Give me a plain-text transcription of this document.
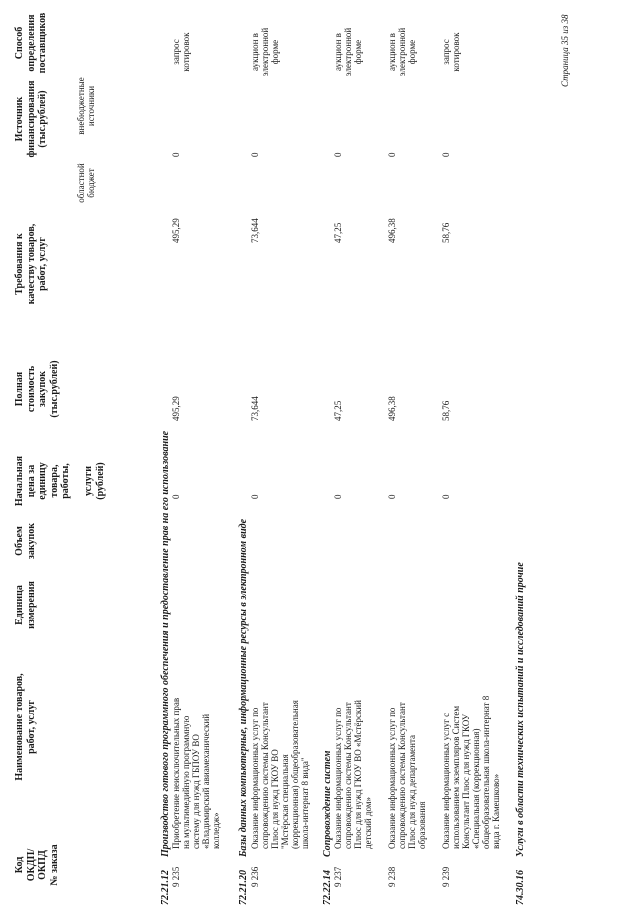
Код
ОКДП/
ОКПД
№ заказа
Наименование товаров,
работ, услуг
Единица
измерения
Объем
закупок
Начальная
цена за
единицу
товара,
работы,

услуги
(рублей)
Полная
стоимость
закупок
(тыс.рублей)
Требования к
качеству товаров,
работ, услуг
Источник
финансирования
(тыс.рублей)
областной
бюджет
внебюджетные
источники
Способ
определения
поставщиков
72.21.12
Производство готового программного обеспечения и предоставление прав на его использование
9 235
Приобретение неисключительных прав
на мультимедийную программную
систему для нужд ГБПОУ ВО
«Владимирский авиамеханический
колледж»
0
495,29
495,29
0
запрос
котировок
72.21.20
Базы данных компьютерные, информационные ресурсы в электронном виде
9 236
Оказание информационных услуг по
сопровождению системы Консультант
Плюс для нужд ГКОУ ВО
"Мстёрская специальная
(коррекционная) общеобразовательная
школа-интернат 8 вида"
0
73,644
73,644
0
аукцион в
электронной
форме
72.22.14
Сопровождение систем
9 237
Оказание информационных услуг по
сопровождению системы Консультант
Плюс для нужд ГКОУ ВО «Мстёрский
детский дом»
0
47,25
47,25
0
аукцион в
электронной
форме
9 238
Оказание информационных услуг по
сопровождению системы Консультант
Плюс для нужд департамента
образования
0
496,38
496,38
0
аукцион в
электронной
форме
9 239
Оказание информационных услуг с
использованием экземпляров Систем
Консультант Плюс для нужд ГКОУ
«Специальная (коррекционная)
общеобразовательная школа-интернат 8
вида г. Камешково»
0
58,76
58,76
0
запрос
котировок
74.30.16
Услуги в области технических испытаний и исследований прочие
Страница 35 из 38
